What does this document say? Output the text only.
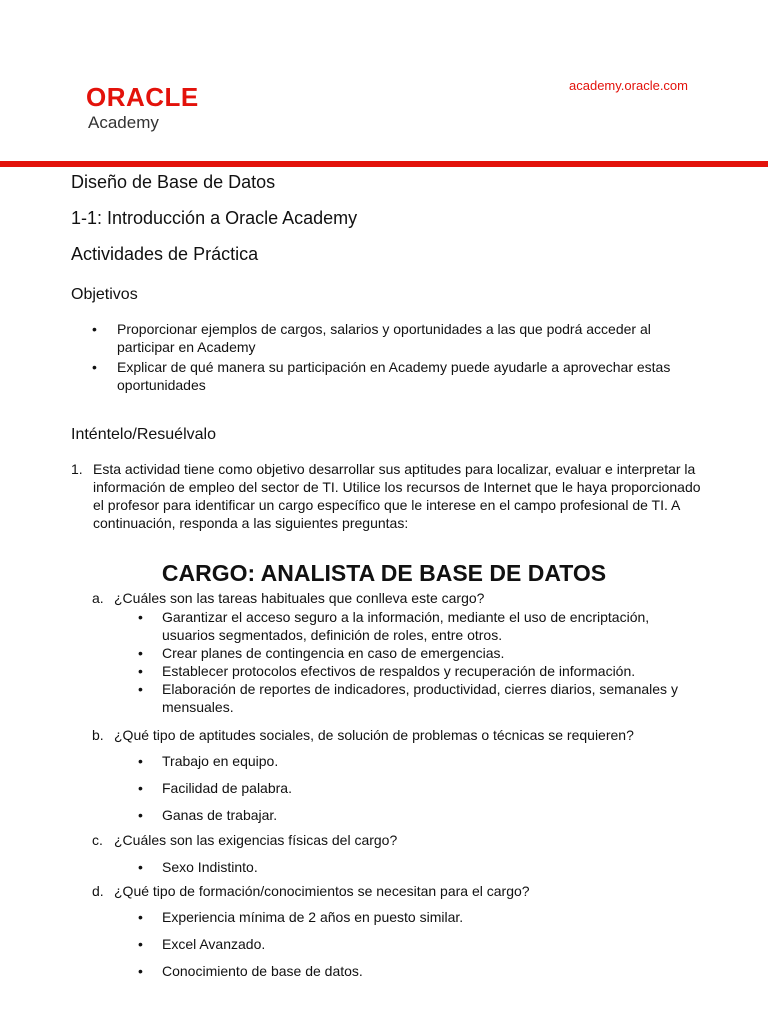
ORACLE
Academy
academy.oracle.com
Diseño de Base de Datos
1-1: Introducción a Oracle Academy
Actividades de Práctica
Objetivos
• Proporcionar ejemplos de cargos, salarios y oportunidades a las que podrá acceder al participar en Academy
• Explicar de qué manera su participación en Academy puede ayudarle a aprovechar estas oportunidades
Inténtelo/Resuélvalo
1. Esta actividad tiene como objetivo desarrollar sus aptitudes para localizar, evaluar e interpretar la información de empleo del sector de TI. Utilice los recursos de Internet que le haya proporcionado el profesor para identificar un cargo específico que le interese en el campo profesional de TI. A continuación, responda a las siguientes preguntas:
CARGO: ANALISTA DE BASE DE DATOS
a. ¿Cuáles son las tareas habituales que conlleva este cargo?
• Garantizar el acceso seguro a la información, mediante el uso de encriptación, usuarios segmentados, definición de roles, entre otros.
• Crear planes de contingencia en caso de emergencias.
• Establecer protocolos efectivos de respaldos y recuperación de información.
• Elaboración de reportes de indicadores, productividad, cierres diarios, semanales y mensuales.
b. ¿Qué tipo de aptitudes sociales, de solución de problemas o técnicas se requieren?
• Trabajo en equipo.
• Facilidad de palabra.
• Ganas de trabajar.
c. ¿Cuáles son las exigencias físicas del cargo?
• Sexo Indistinto.
d. ¿Qué tipo de formación/conocimientos se necesitan para el cargo?
• Experiencia mínima de 2 años en puesto similar.
• Excel Avanzado.
• Conocimiento de base de datos.
